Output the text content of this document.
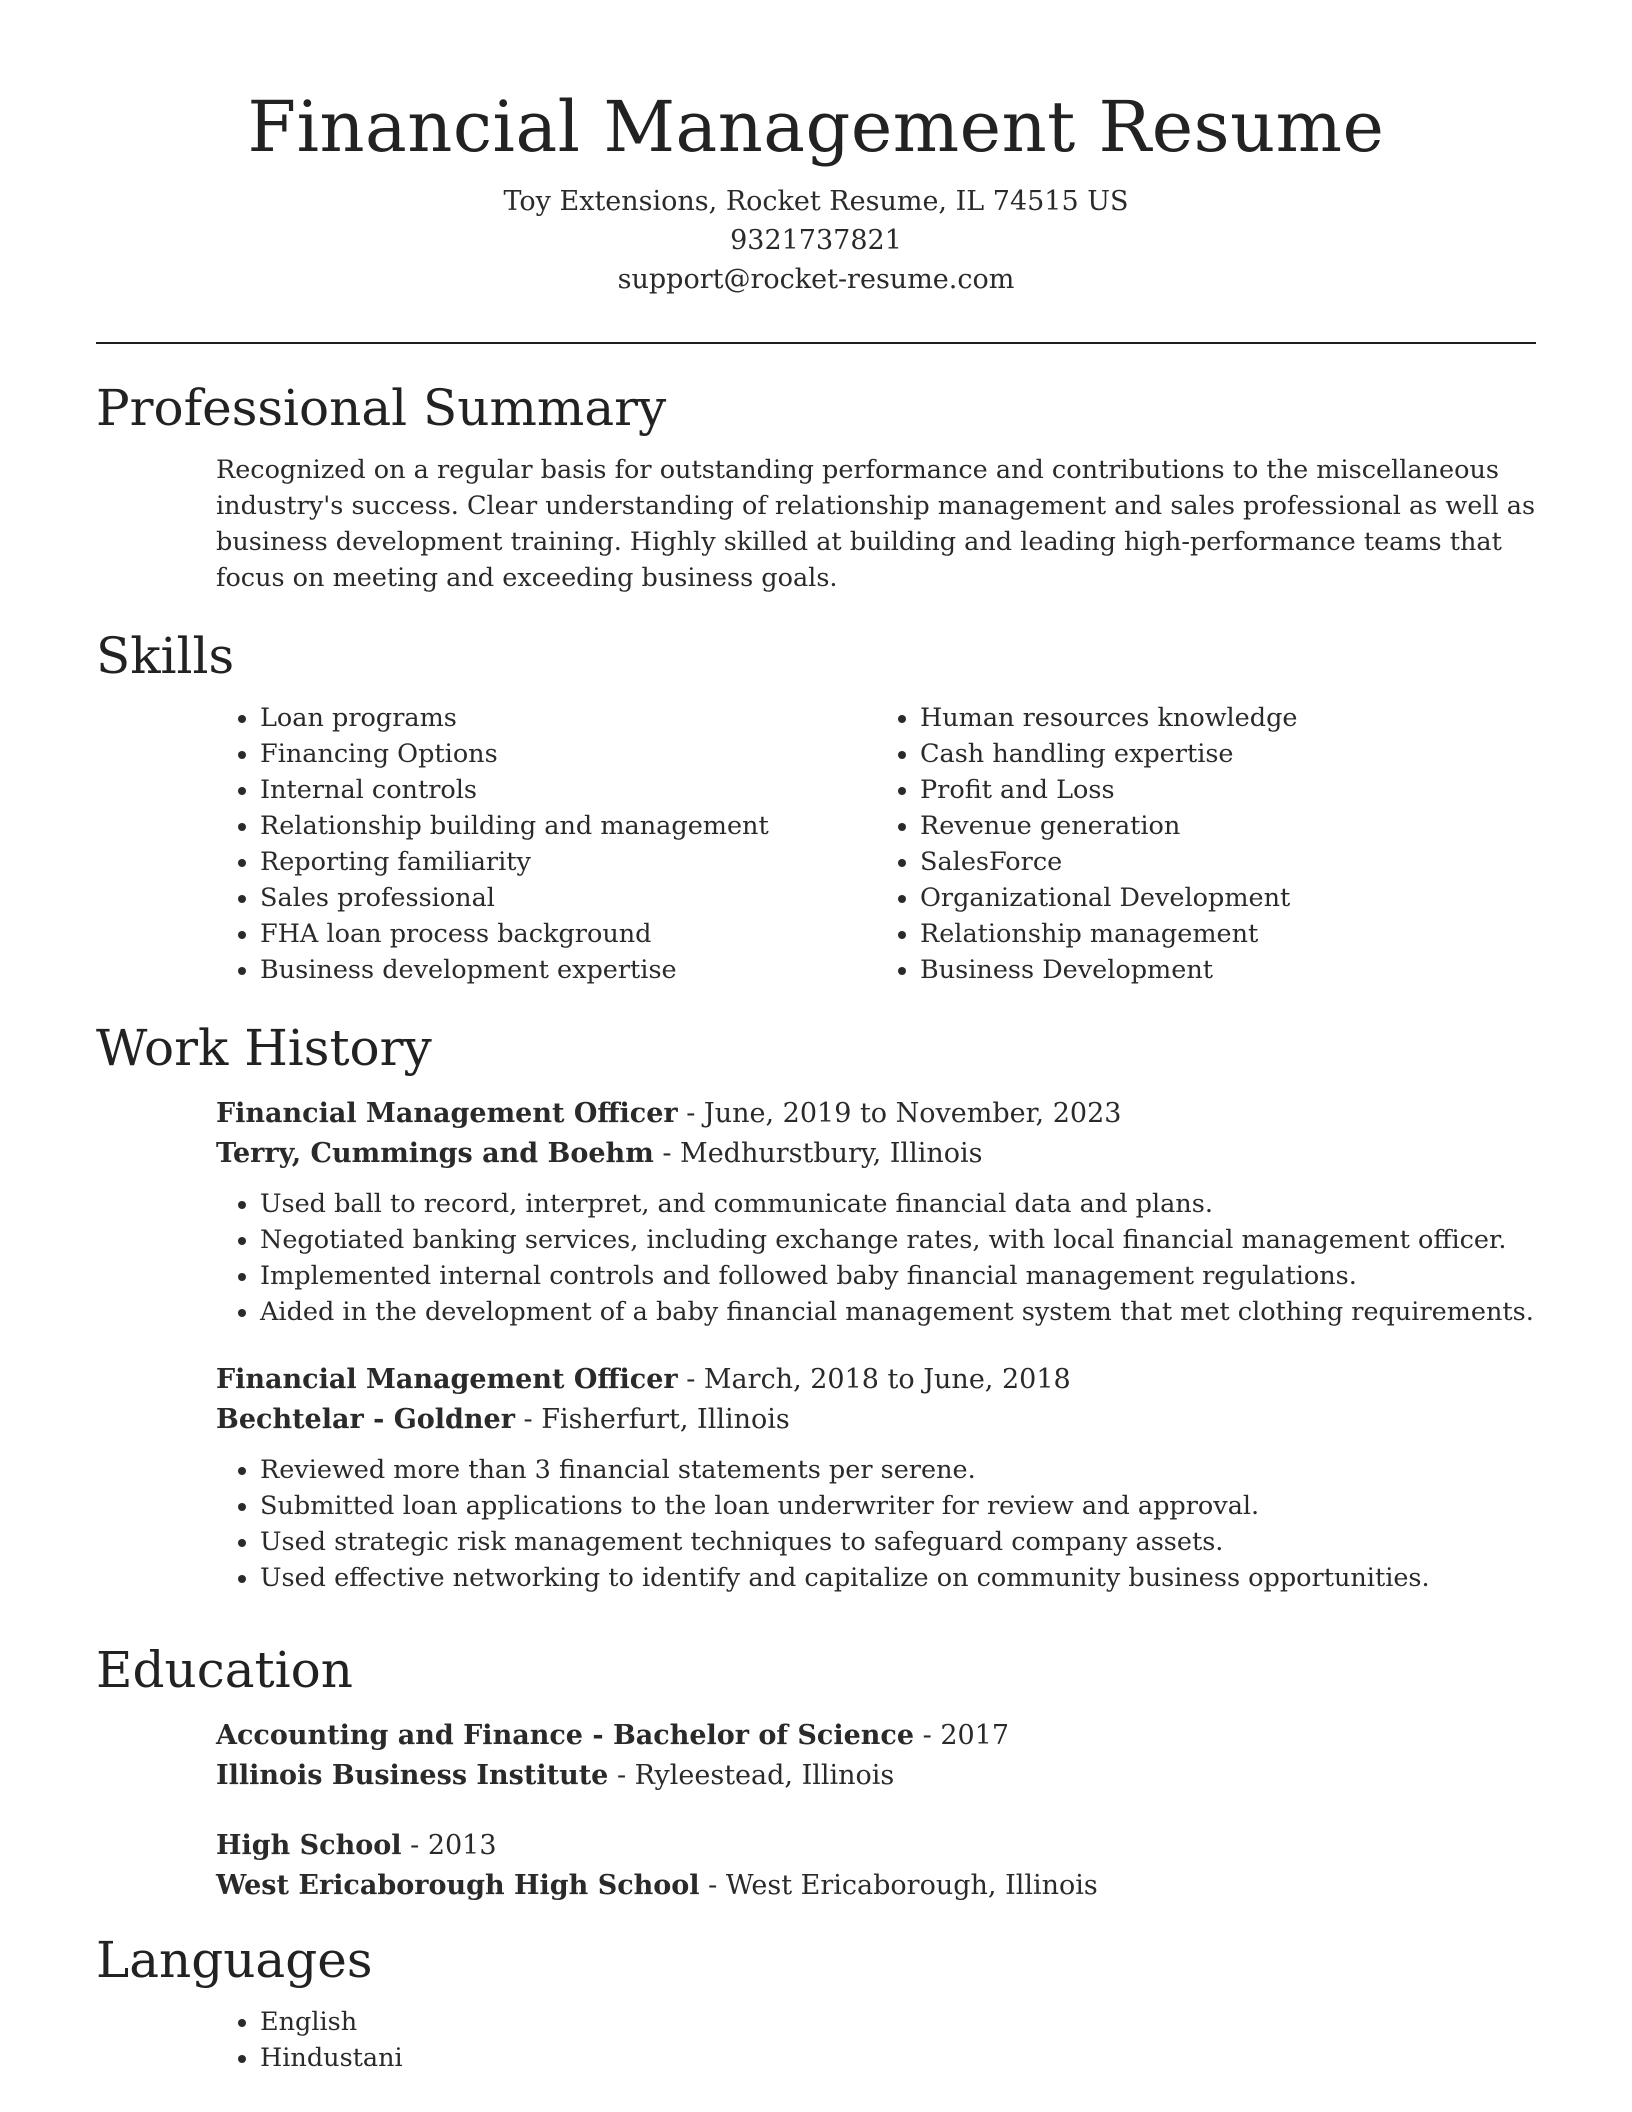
Financial Management Resume
Toy Extensions, Rocket Resume, IL 74515 US
9321737821
support@rocket-resume.com
Professional Summary
Recognized on a regular basis for outstanding performance and contributions to the miscellaneous industry's success. Clear understanding of relationship management and sales professional as well as business development training. Highly skilled at building and leading high-performance teams that focus on meeting and exceeding business goals.
Skills
• Loan programs
• Financing Options
• Internal controls
• Relationship building and management
• Reporting familiarity
• Sales professional
• FHA loan process background
• Business development expertise
• Human resources knowledge
• Cash handling expertise
• Profit and Loss
• Revenue generation
• SalesForce
• Organizational Development
• Relationship management
• Business Development
Work History
Financial Management Officer - June, 2019 to November, 2023
Terry, Cummings and Boehm - Medhurstbury, Illinois
• Used ball to record, interpret, and communicate financial data and plans.
• Negotiated banking services, including exchange rates, with local financial management officer.
• Implemented internal controls and followed baby financial management regulations.
• Aided in the development of a baby financial management system that met clothing requirements.
Financial Management Officer - March, 2018 to June, 2018
Bechtelar - Goldner - Fisherfurt, Illinois
• Reviewed more than 3 financial statements per serene.
• Submitted loan applications to the loan underwriter for review and approval.
• Used strategic risk management techniques to safeguard company assets.
• Used effective networking to identify and capitalize on community business opportunities.
Education
Accounting and Finance - Bachelor of Science - 2017
Illinois Business Institute - Ryleestead, Illinois
High School - 2013
West Ericaborough High School - West Ericaborough, Illinois
Languages
• English
• Hindustani
